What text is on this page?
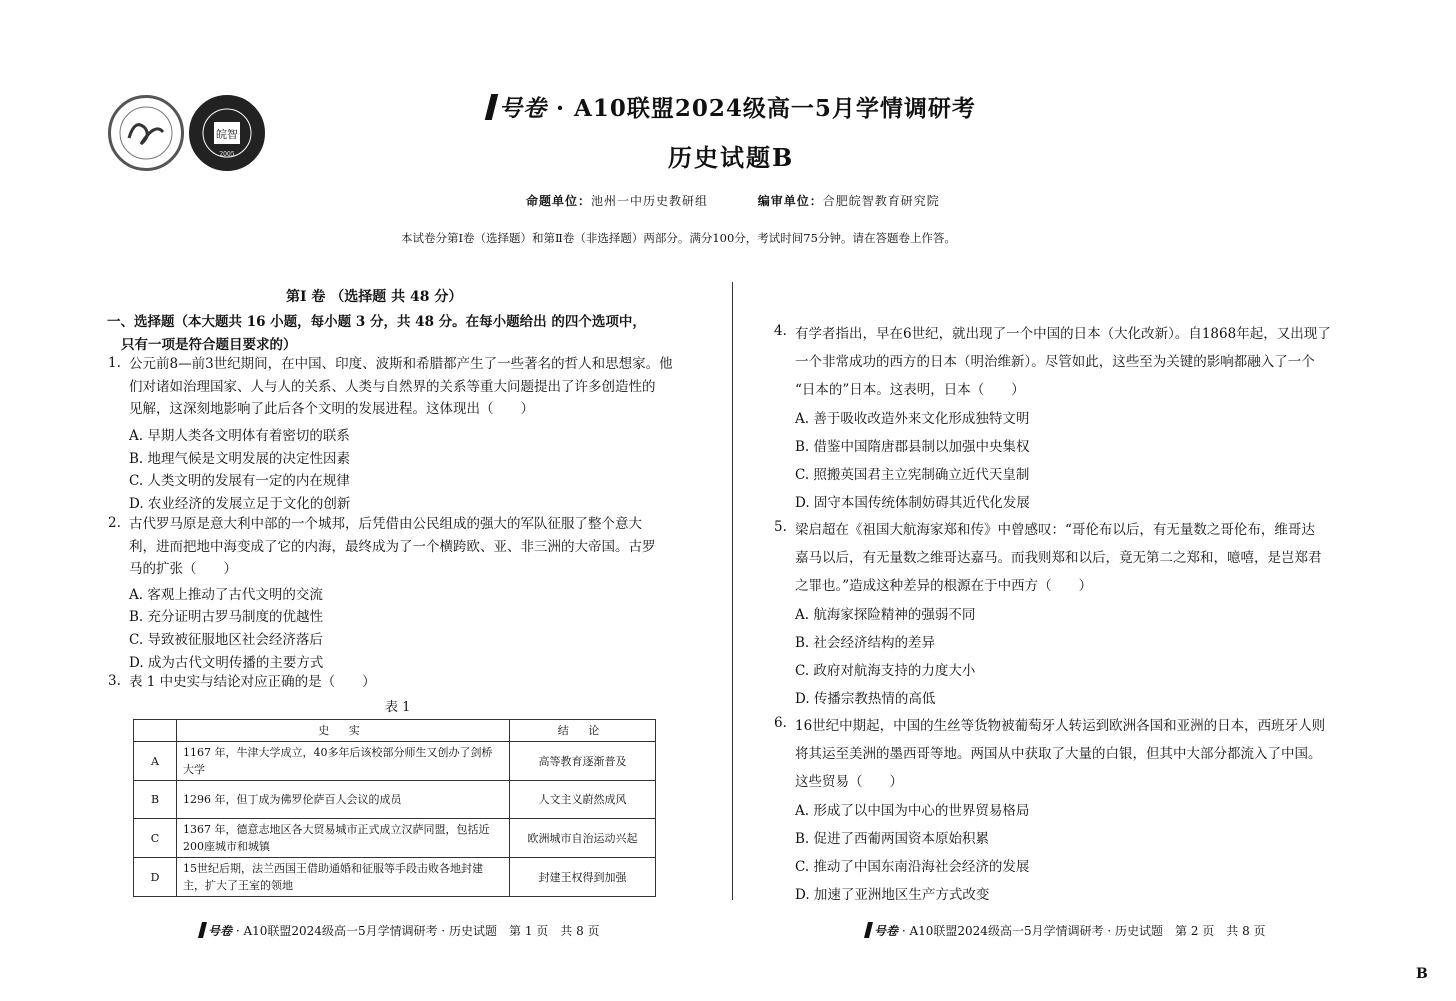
皖智
2005
号卷 · A10联盟2024级高一5月学情调研考
历史试题B
命题单位：池州一中历史教研组	编审单位：合肥皖智教育研究院
本试卷分第Ⅰ卷（选择题）和第Ⅱ卷（非选择题）两部分。满分100分，考试时间75分钟。请在答题卷上作答。
第Ⅰ 卷 （选择题 共 48 分）
一、选择题（本大题共 16 小题，每小题 3 分，共 48 分。在每小题给出 的四个选项中，
只有一项是符合题目要求的）
1. 公元前8—前3世纪期间，在中国、印度、波斯和希腊都产生了一些著名的哲人和思想家。他
们对诸如治理国家、人与人的关系、人类与自然界的关系等重大问题提出了许多创造性的
见解，这深刻地影响了此后各个文明的发展进程。这体现出（　　）
A. 早期人类各文明体有着密切的联系
B. 地理气候是文明发展的决定性因素
C. 人类文明的发展有一定的内在规律
D. 农业经济的发展立足于文化的创新
2. 古代罗马原是意大利中部的一个城邦，后凭借由公民组成的强大的军队征服了整个意大
利，进而把地中海变成了它的内海，最终成为了一个横跨欧、亚、非三洲的大帝国。古罗
马的扩张（　　）
A. 客观上推动了古代文明的交流
B. 充分证明古罗马制度的优越性
C. 导致被征服地区社会经济落后
D. 成为古代文明传播的主要方式
3. 表 1 中史实与结论对应正确的是（　　）
表 1
	史 实	结 论
A	1167 年，牛津大学成立，40多年后该校部分师生又创办了剑桥大学	高等教育逐渐普及
B	1296 年，但丁成为佛罗伦萨百人会议的成员	人文主义蔚然成风
C	1367 年，德意志地区各大贸易城市正式成立汉萨同盟，包括近200座城市和城镇	欧洲城市自治运动兴起
D	15世纪后期，法兰西国王借助通婚和征服等手段击败各地封建主，扩大了王室的领地	封建王权得到加强
4. 有学者指出，早在6世纪，就出现了一个中国的日本（大化改新）。自1868年起，又出现了
一个非常成功的西方的日本（明治维新）。尽管如此，这些至为关键的影响都融入了一个
“日本的”日本。这表明，日本（　　）
A. 善于吸收改造外来文化形成独特文明
B. 借鉴中国隋唐郡县制以加强中央集权
C. 照搬英国君主立宪制确立近代天皇制
D. 固守本国传统体制妨碍其近代化发展
5. 梁启超在《祖国大航海家郑和传》中曾感叹：“哥伦布以后，有无量数之哥伦布，维哥达
嘉马以后，有无量数之维哥达嘉马。而我则郑和以后，竟无第二之郑和，噫嘻，是岂郑君
之罪也。”造成这种差异的根源在于中西方（　　）
A. 航海家探险精神的强弱不同
B. 社会经济结构的差异
C. 政府对航海支持的力度大小
D. 传播宗教热情的高低
6. 16世纪中期起，中国的生丝等货物被葡萄牙人转运到欧洲各国和亚洲的日本，西班牙人则
将其运至美洲的墨西哥等地。两国从中获取了大量的白银，但其中大部分都流入了中国。
这些贸易（　　）
A. 形成了以中国为中心的世界贸易格局
B. 促进了西葡两国资本原始积累
C. 推动了中国东南沿海社会经济的发展
D. 加速了亚洲地区生产方式改变
号卷 · A10联盟2024级高一5月学情调研考 · 历史试题　第 1 页　共 8 页	号卷 · A10联盟2024级高一5月学情调研考 · 历史试题　第 2 页　共 8 页
B
